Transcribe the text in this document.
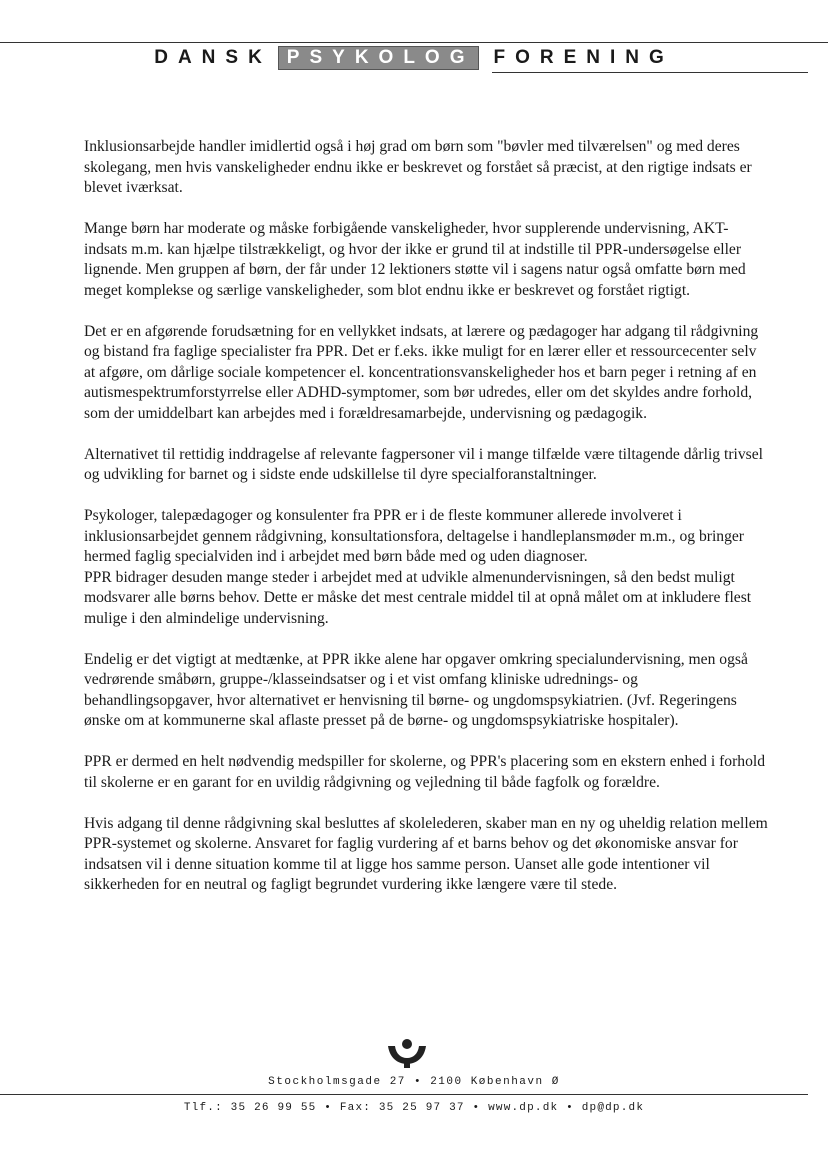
DANSK PSYKOLOG FORENING

Inklusionsarbejde handler imidlertid også i høj grad om børn som "bøvler med tilværelsen" og med deres skolegang, men hvis vanskeligheder endnu ikke er beskrevet og forstået så præcist, at den rigtige indsats er blevet iværksat.

Mange børn har moderate og måske forbigående vanskeligheder, hvor supplerende undervisning, AKT-indsats m.m. kan hjælpe tilstrækkeligt, og hvor der ikke er grund til at indstille til PPR-undersøgelse eller lignende. Men gruppen af børn, der får under 12 lektioners støtte vil i sagens natur også omfatte børn med meget komplekse og særlige vanskeligheder, som blot endnu ikke er beskrevet og forstået rigtigt.

Det er en afgørende forudsætning for en vellykket indsats, at lærere og pædagoger har adgang til rådgivning og bistand fra faglige specialister fra PPR. Det er f.eks. ikke muligt for en lærer eller et ressourcecenter selv at afgøre, om dårlige sociale kompetencer el. koncentrationsvanskeligheder hos et barn peger i retning af en autismespektrumforstyrrelse eller ADHD-symptomer, som bør udredes, eller om det skyldes andre forhold, som der umiddelbart kan arbejdes med i forældresamarbejde, undervisning og pædagogik.

Alternativet til rettidig inddragelse af relevante fagpersoner vil i mange tilfælde være tiltagende dårlig trivsel og udvikling for barnet og i sidste ende udskillelse til dyre specialforanstaltninger.

Psykologer, talepædagoger og konsulenter fra PPR er i de fleste kommuner allerede involveret i inklusionsarbejdet gennem rådgivning, konsultationsfora, deltagelse i handleplansmøder m.m., og bringer hermed faglig specialviden ind i arbejdet med børn både med og uden diagnoser.

PPR bidrager desuden mange steder i arbejdet med at udvikle almenundervisningen, så den bedst muligt modsvarer alle børns behov. Dette er måske det mest centrale middel til at opnå målet om at inkludere flest mulige i den almindelige undervisning.

Endelig er det vigtigt at medtænke, at PPR ikke alene har opgaver omkring specialundervisning, men også vedrørende småbørn, gruppe-/klasseindsatser og i et vist omfang kliniske udrednings- og behandlingsopgaver, hvor alternativet er henvisning til børne- og ungdomspsykiatrien. (Jvf. Regeringens ønske om at kommunerne skal aflaste presset på de børne- og ungdomspsykiatriske hospitaler).

PPR er dermed en helt nødvendig medspiller for skolerne, og PPR's placering som en ekstern enhed i forhold til skolerne er en garant for en uvildig rådgivning og vejledning til både fagfolk og forældre.

Hvis adgang til denne rådgivning skal besluttes af skolelederen, skaber man en ny og uheldig relation mellem PPR-systemet og skolerne. Ansvaret for faglig vurdering af et barns behov og det økonomiske ansvar for indsatsen vil i denne situation komme til at ligge hos samme person. Uanset alle gode intentioner vil sikkerheden for en neutral og fagligt begrundet vurdering ikke længere være til stede.

Stockholmsgade 27 • 2100 København Ø
Tlf.: 35 26 99 55 • Fax: 35 25 97 37 • www.dp.dk • dp@dp.dk
